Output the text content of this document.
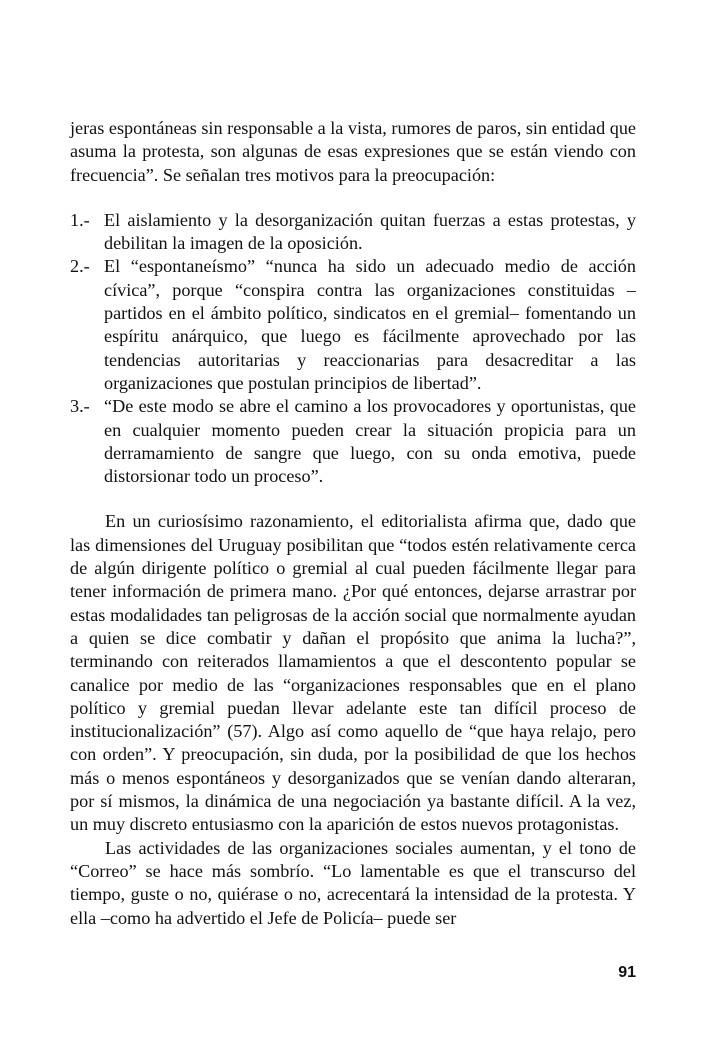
jeras espontáneas sin responsable a la vista, rumores de paros, sin entidad que asuma la protesta, son algunas de esas expresiones que se están viendo con frecuencia”. Se señalan tres motivos para la preocupación:

1.- El aislamiento y la desorganización quitan fuerzas a estas protestas, y debilitan la imagen de la oposición.
2.- El “espontaneísmo” “nunca ha sido un adecuado medio de acción cívica”, porque “conspira contra las organizaciones constituidas –partidos en el ámbito político, sindicatos en el gremial– fomentando un espíritu anárquico, que luego es fácilmente aprovechado por las tendencias autoritarias y reaccionarias para desacreditar a las organizaciones que postulan principios de libertad”.
3.- “De este modo se abre el camino a los provocadores y oportunistas, que en cualquier momento pueden crear la situación propicia para un derramamiento de sangre que luego, con su onda emotiva, puede distorsionar todo un proceso”.

En un curiosísimo razonamiento, el editorialista afirma que, dado que las dimensiones del Uruguay posibilitan que “todos estén relativamente cerca de algún dirigente político o gremial al cual pueden fácilmente llegar para tener información de primera mano. ¿Por qué entonces, dejarse arrastrar por estas modalidades tan peligrosas de la acción social que normalmente ayudan a quien se dice combatir y dañan el propósito que anima la lucha?”, terminando con reiterados llamamientos a que el descontento popular se canalice por medio de las “organizaciones responsables que en el plano político y gremial puedan llevar adelante este tan difícil proceso de institucionalización” (57). Algo así como aquello de “que haya relajo, pero con orden”. Y preocupación, sin duda, por la posibilidad de que los hechos más o menos espontáneos y desorganizados que se venían dando alteraran, por sí mismos, la dinámica de una negociación ya bastante difícil. A la vez, un muy discreto entusiasmo con la aparición de estos nuevos protagonistas.

Las actividades de las organizaciones sociales aumentan, y el tono de “Correo” se hace más sombrío. “Lo lamentable es que el transcurso del tiempo, guste o no, quiérase o no, acrecentará la intensidad de la protesta. Y ella –como ha advertido el Jefe de Policía– puede ser

91
